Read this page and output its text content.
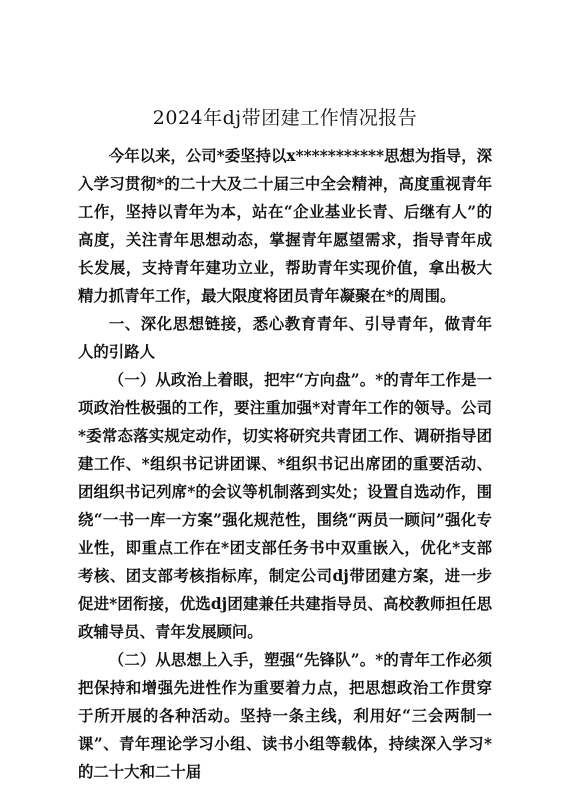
2024年dj带团建工作情况报告

今年以来，公司*委坚持以x***********思想为指导，深入学习贯彻*的二十大及二十届三中全会精神，高度重视青年工作，坚持以青年为本，站在“企业基业长青、后继有人”的高度，关注青年思想动态，掌握青年愿望需求，指导青年成长发展，支持青年建功立业，帮助青年实现价值，拿出极大精力抓青年工作，最大限度将团员青年凝聚在*的周围。

一、深化思想链接，悉心教育青年、引导青年，做青年人的引路人

（一）从政治上着眼，把牢“方向盘”。*的青年工作是一项政治性极强的工作，要注重加强*对青年工作的领导。公司*委常态落实规定动作，切实将研究共青团工作、调研指导团建工作、*组织书记讲团课、*组织书记出席团的重要活动、团组织书记列席*的会议等机制落到实处；设置自选动作，围绕“一书一库一方案”强化规范性，围绕“两员一顾问”强化专业性，即重点工作在*团支部任务书中双重嵌入，优化*支部考核、团支部考核指标库，制定公司dj带团建方案，进一步促进*团衔接，优选dj团建兼任共建指导员、高校教师担任思政辅导员、青年发展顾问。

（二）从思想上入手，塑强“先锋队”。*的青年工作必须把保持和增强先进性作为重要着力点，把思想政治工作贯穿于所开展的各种活动。坚持一条主线，利用好“三会两制一课”、青年理论学习小组、读书小组等载体，持续深入学习*的二十大和二十届
